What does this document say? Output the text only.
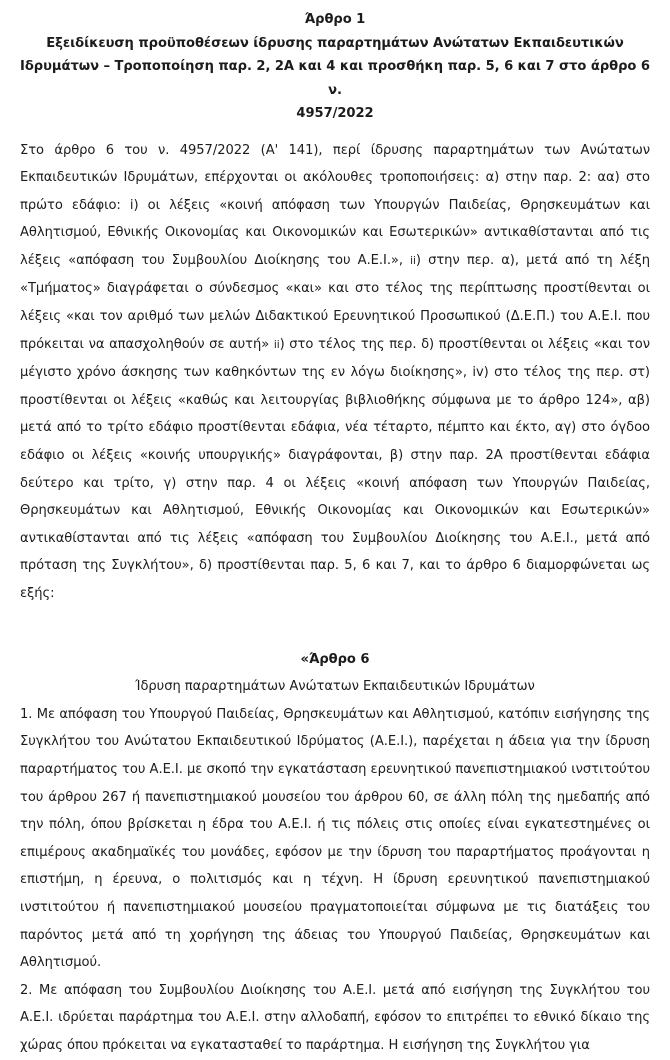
Άρθρο 1
Εξειδίκευση προϋποθέσεων ίδρυσης παραρτημάτων Ανώτατων Εκπαιδευτικών
Ιδρυμάτων – Τροποποίηση παρ. 2, 2Α και 4 και προσθήκη παρ. 5, 6 και 7 στο άρθρο 6 ν.
4957/2022

Στο άρθρο 6 του ν. 4957/2022 (Α' 141), περί ίδρυσης παραρτημάτων των Ανώτατων Εκπαιδευτικών Ιδρυμάτων, επέρχονται οι ακόλουθες τροποποιήσεις: α) στην παρ. 2: αα) στο πρώτο εδάφιο: i) οι λέξεις «κοινή απόφαση των Υπουργών Παιδείας, Θρησκευμάτων και Αθλητισμού, Εθνικής Οικονομίας και Οικονομικών και Εσωτερικών» αντικαθίστανται από τις λέξεις «απόφαση του Συμβουλίου Διοίκησης του Α.Ε.Ι.», ii) στην περ. α), μετά από τη λέξη «Τμήματος» διαγράφεται ο σύνδεσμος «και» και στο τέλος της περίπτωσης προστίθενται οι λέξεις «και τον αριθμό των μελών Διδακτικού Ερευνητικού Προσωπικού (Δ.Ε.Π.) του Α.Ε.Ι. που πρόκειται να απασχοληθούν σε αυτή» ii) στο τέλος της περ. δ) προστίθενται οι λέξεις «και τον μέγιστο χρόνο άσκησης των καθηκόντων της εν λόγω διοίκησης», iv) στο τέλος της περ. στ) προστίθενται οι λέξεις «καθώς και λειτουργίας βιβλιοθήκης σύμφωνα με το άρθρο 124», αβ) μετά από το τρίτο εδάφιο προστίθενται εδάφια, νέα τέταρτο, πέμπτο και έκτο, αγ) στο όγδοο εδάφιο οι λέξεις «κοινής υπουργικής» διαγράφονται, β) στην παρ. 2Α προστίθενται εδάφια δεύτερο και τρίτο, γ) στην παρ. 4 οι λέξεις «κοινή απόφαση των Υπουργών Παιδείας, Θρησκευμάτων και Αθλητισμού, Εθνικής Οικονομίας και Οικονομικών και Εσωτερικών» αντικαθίστανται από τις λέξεις «απόφαση του Συμβουλίου Διοίκησης του Α.Ε.Ι., μετά από πρόταση της Συγκλήτου», δ) προστίθενται παρ. 5, 6 και 7, και το άρθρο 6 διαμορφώνεται ως εξής:

«Άρθρο 6

Ίδρυση παραρτημάτων Ανώτατων Εκπαιδευτικών Ιδρυμάτων

1. Με απόφαση του Υπουργού Παιδείας, Θρησκευμάτων και Αθλητισμού, κατόπιν εισήγησης της Συγκλήτου του Ανώτατου Εκπαιδευτικού Ιδρύματος (Α.Ε.Ι.), παρέχεται η άδεια για την ίδρυση παραρτήματος του Α.Ε.Ι. με σκοπό την εγκατάσταση ερευνητικού πανεπιστημιακού ινστιτούτου του άρθρου 267 ή πανεπιστημιακού μουσείου του άρθρου 60, σε άλλη πόλη της ημεδαπής από την πόλη, όπου βρίσκεται η έδρα του Α.Ε.Ι. ή τις πόλεις στις οποίες είναι εγκατεστημένες οι επιμέρους ακαδημαϊκές του μονάδες, εφόσον με την ίδρυση του παραρτήματος προάγονται η επιστήμη, η έρευνα, ο πολιτισμός και η τέχνη. Η ίδρυση ερευνητικού πανεπιστημιακού ινστιτούτου ή πανεπιστημιακού μουσείου πραγματοποιείται σύμφωνα με τις διατάξεις του παρόντος μετά από τη χορήγηση της άδειας του Υπουργού Παιδείας, Θρησκευμάτων και Αθλητισμού.

2. Με απόφαση του Συμβουλίου Διοίκησης του Α.Ε.Ι. μετά από εισήγηση της Συγκλήτου του Α.Ε.Ι. ιδρύεται παράρτημα του Α.Ε.Ι. στην αλλοδαπή, εφόσον το επιτρέπει το εθνικό δίκαιο της χώρας όπου πρόκειται να εγκατασταθεί το παράρτημα. Η εισήγηση της Συγκλήτου για
